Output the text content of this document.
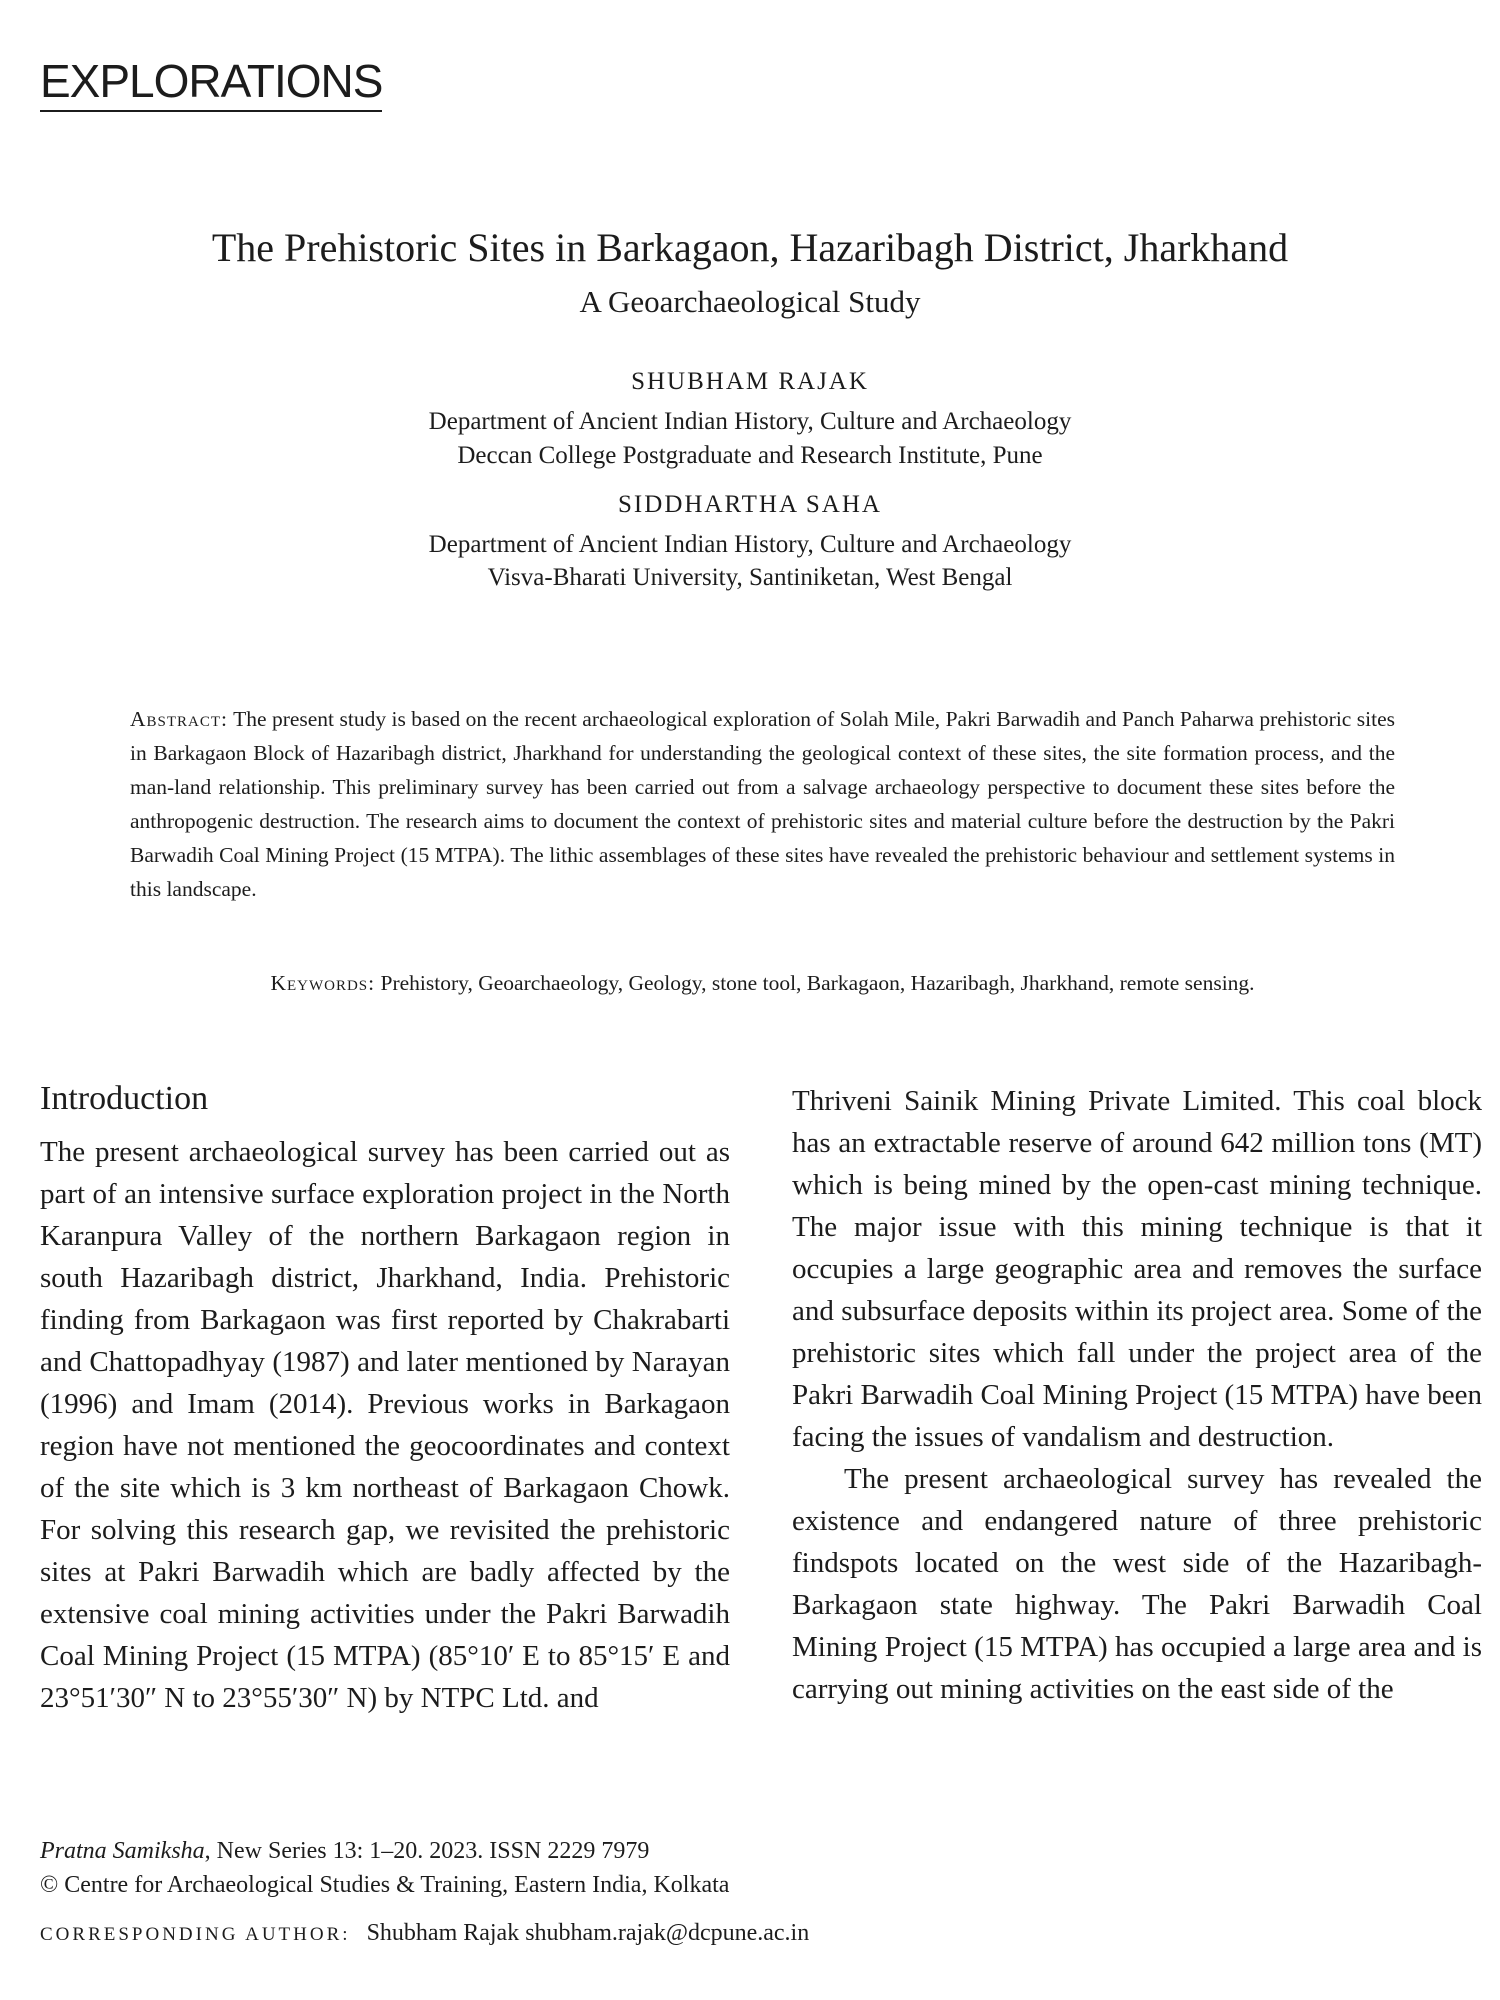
EXPLORATIONS
The Prehistoric Sites in Barkagaon, Hazaribagh District, Jharkhand
A Geoarchaeological Study
SHUBHAM RAJAK
Department of Ancient Indian History, Culture and Archaeology
Deccan College Postgraduate and Research Institute, Pune
SIDDHARTHA SAHA
Department of Ancient Indian History, Culture and Archaeology
Visva-Bharati University, Santiniketan, West Bengal
Abstract: The present study is based on the recent archaeological exploration of Solah Mile, Pakri Barwadih and Panch Paharwa prehistoric sites in Barkagaon Block of Hazaribagh district, Jharkhand for understanding the geological context of these sites, the site formation process, and the man-land relationship. This preliminary survey has been carried out from a salvage archaeology perspective to document these sites before the anthropogenic destruction. The research aims to document the context of prehistoric sites and material culture before the destruction by the Pakri Barwadih Coal Mining Project (15 MTPA). The lithic assemblages of these sites have revealed the prehistoric behaviour and settlement systems in this landscape.
Keywords: Prehistory, Geoarchaeology, Geology, stone tool, Barkagaon, Hazaribagh, Jharkhand, remote sensing.
Introduction

The present archaeological survey has been carried out as part of an intensive surface exploration project in the North Karanpura Valley of the northern Barkagaon region in south Hazaribagh district, Jharkhand, India. Prehistoric finding from Barkagaon was first reported by Chakrabarti and Chattopadhyay (1987) and later mentioned by Narayan (1996) and Imam (2014). Previous works in Barkagaon region have not mentioned the geocoordinates and context of the site which is 3 km northeast of Barkagaon Chowk. For solving this research gap, we revisited the prehistoric sites at Pakri Barwadih which are badly affected by the extensive coal mining activities under the Pakri Barwadih Coal Mining Project (15 MTPA) (85°10′ E to 85°15′ E and 23°51′30″ N to 23°55′30″ N) by NTPC Ltd. and

Thriveni Sainik Mining Private Limited. This coal block has an extractable reserve of around 642 million tons (MT) which is being mined by the open-cast mining technique. The major issue with this mining technique is that it occupies a large geographic area and removes the surface and subsurface deposits within its project area. Some of the prehistoric sites which fall under the project area of the Pakri Barwadih Coal Mining Project (15 MTPA) have been facing the issues of vandalism and destruction.

The present archaeological survey has revealed the existence and endangered nature of three prehistoric findspots located on the west side of the Hazaribagh-Barkagaon state highway. The Pakri Barwadih Coal Mining Project (15 MTPA) has occupied a large area and is carrying out mining activities on the east side of the

Pratna Samiksha, New Series 13: 1–20. 2023. ISSN 2229 7979
© Centre for Archaeological Studies & Training, Eastern India, Kolkata
CORRESPONDING AUTHOR: Shubham Rajak shubham.rajak@dcpune.ac.in
